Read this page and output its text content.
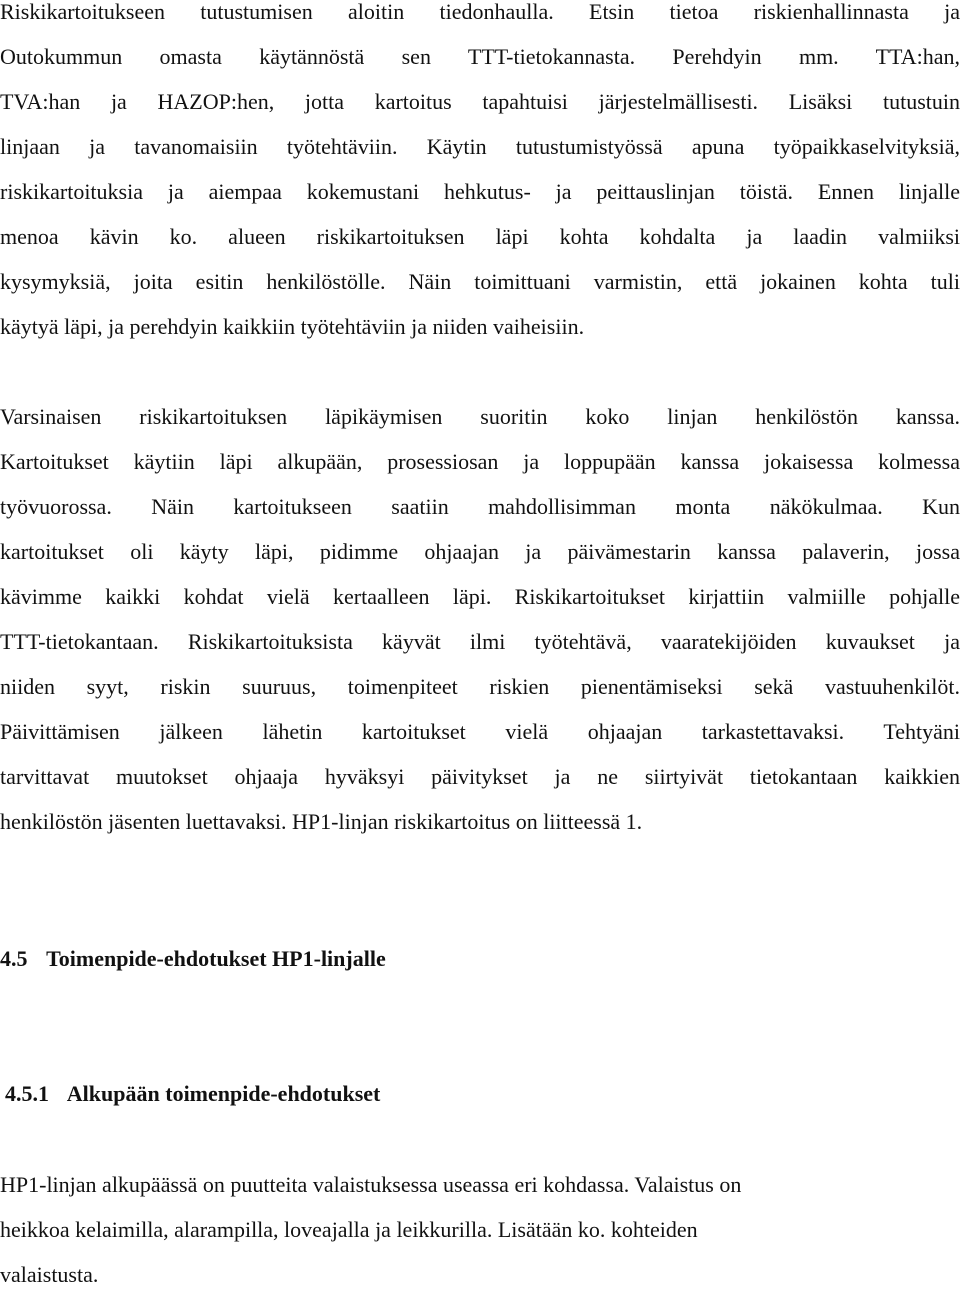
Riskikartoitukseen tutustumisen aloitin tiedonhaulla. Etsin tietoa riskienhallinnasta ja
Outokummun omasta käytännöstä sen TTT-tietokannasta. Perehdyin mm. TTA:han,
TVA:han ja HAZOP:hen, jotta kartoitus tapahtuisi järjestelmällisesti. Lisäksi tutustuin
linjaan ja tavanomaisiin työtehtäviin. Käytin tutustumistyössä apuna työpaikkaselvityksiä,
riskikartoituksia ja aiempaa kokemustani hehkutus- ja peittauslinjan töistä. Ennen linjalle
menoa kävin ko. alueen riskikartoituksen läpi kohta kohdalta ja laadin valmiiksi
kysymyksiä, joita esitin henkilöstölle. Näin toimittuani varmistin, että jokainen kohta tuli
käytyä läpi, ja perehdyin kaikkiin työtehtäviin ja niiden vaiheisiin.
Varsinaisen riskikartoituksen läpikäymisen suoritin koko linjan henkilöstön kanssa.
Kartoitukset käytiin läpi alkupään, prosessiosan ja loppupään kanssa jokaisessa kolmessa
työvuorossa. Näin kartoitukseen saatiin mahdollisimman monta näkökulmaa. Kun
kartoitukset oli käyty läpi, pidimme ohjaajan ja päivämestarin kanssa palaverin, jossa
kävimme kaikki kohdat vielä kertaalleen läpi. Riskikartoitukset kirjattiin valmiille pohjalle
TTT-tietokantaan. Riskikartoituksista käyvät ilmi työtehtävä, vaaratekijöiden kuvaukset ja
niiden syyt, riskin suuruus, toimenpiteet riskien pienentämiseksi sekä vastuuhenkilöt.
Päivittämisen jälkeen lähetin kartoitukset vielä ohjaajan tarkastettavaksi. Tehtyäni
tarvittavat muutokset ohjaaja hyväksyi päivitykset ja ne siirtyivät tietokantaan kaikkien
henkilöstön jäsenten luettavaksi. HP1-linjan riskikartoitus on liitteessä 1.
4.5 Toimenpide-ehdotukset HP1-linjalle
4.5.1 Alkupään toimenpide-ehdotukset
HP1-linjan alkupäässä on puutteita valaistuksessa useassa eri kohdassa. Valaistus on
heikkoa kelaimilla, alarampilla, loveajalla ja leikkurilla. Lisätään ko. kohteiden
valaistusta.
